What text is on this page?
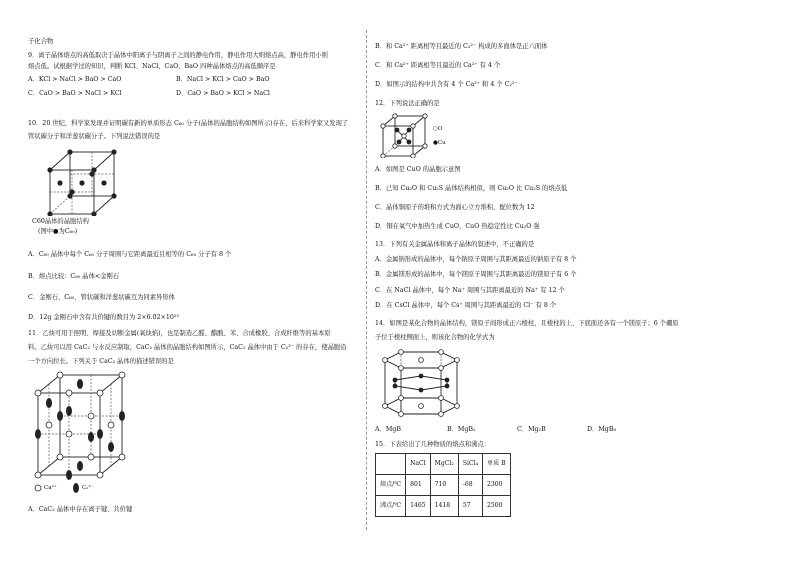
子化合物
9．离子晶体熔点的高低取决于晶体中阳离子与阴离子之间的静电作用，静电作用大则熔点高，静电作用小则
熔点低。试根据学过的知识，判断 KCl、NaCl、CaO、BaO 四种晶体熔点的高低顺序是
A．KCl > NaCl > BaO > CaO	B．NaCl > KCl > CaO > BaO
C．CaO > BaO > NaCl > KCl	D．CaO > BaO > KCl > NaCl
10．20 世纪，科学家发现并证明碳有新的单质形态 C₆₀ 分子(晶体的晶胞结构如图所示)存在，后来科学家又发现了
管状碳分子和洋葱状碳分子。下列说法错误的是
C60晶体的晶胞结构
(图中●为C₆₀)
A．C₆₀ 晶体中每个 C₆₀ 分子周围与它距离最近且相等的 C₆₀ 分子有 8 个
B．熔点比较：C₆₀ 晶体<金刚石
C．金刚石、C₆₀、管状碳和洋葱状碳互为同素异形体
D．12g 金刚石中含有共价键的数目为 2×6.02×10²³
11．乙炔可用于照明、焊接及切断金属(氧炔焰)，也是制造乙醛、醋酸、苯、合成橡胶、合成纤维等的基本原
料。乙炔可以用 CaC₂ 与水反应制取，CaC₂ 晶体的晶胞结构如图所示，CaC₂ 晶体中由于 C₂²⁻ 的存在，使晶胞沿
一个方向拉长。下列关于 CaC₂ 晶体的描述错误的是
Ca²⁺	C₂²⁻
A．CaC₂ 晶体中存在离子键、共价键
B．和 Ca²⁺ 距离相等且最近的 C₂²⁻ 构成的多面体是正六面体
C．和 Ca²⁺ 距离相等且最近的 Ca²⁺ 有 4 个
D．如图示的结构中共含有 4 个 Ca²⁺ 和 4 个 C₂²⁻
12．下列说法正确的是
○O
●Cu
A．如图是 CuO 的晶胞示意图
B．已知 Cu₂O 和 Cu₂S 晶体结构相似，则 Cu₂O 比 Cu₂S 的熔点低
C．晶体铜原子的堆积方式为面心立方堆积，配位数为 12
D．铜在氧气中加热生成 CuO，CuO 热稳定性比 Cu₂O 强
13．下列有关金属晶体和离子晶体的叙述中，不正确的是
A．金属钠形成的晶体中，每个钠原子周围与其距离最近的钠原子有 8 个
B．金属镁形成的晶体中，每个镁原子周围与其距离最近的镁原子有 6 个
C．在 NaCl 晶体中，每个 Na⁺ 周围与其距离最近的 Na⁺ 有 12 个
D．在 CsCl 晶体中，每个 Cs⁺ 周围与其距离最近的 Cl⁻ 有 8 个
14．如图是某化合物的晶体结构，镁原子间形成正六棱柱，且棱柱的上、下底面还各有一个镁原子；6 个硼原
子位于棱柱侧面上，则该化合物的化学式为
A．MgB	B．MgB₂	C．Mg₂B	D．MgB₆
15．下表给出了几种物质的熔点和沸点：
	NaCl	MgCl₂	SiCl₄	单质 B
熔点/℃	801	710	-68	2300
沸点/℃	1465	1418	57	2500
